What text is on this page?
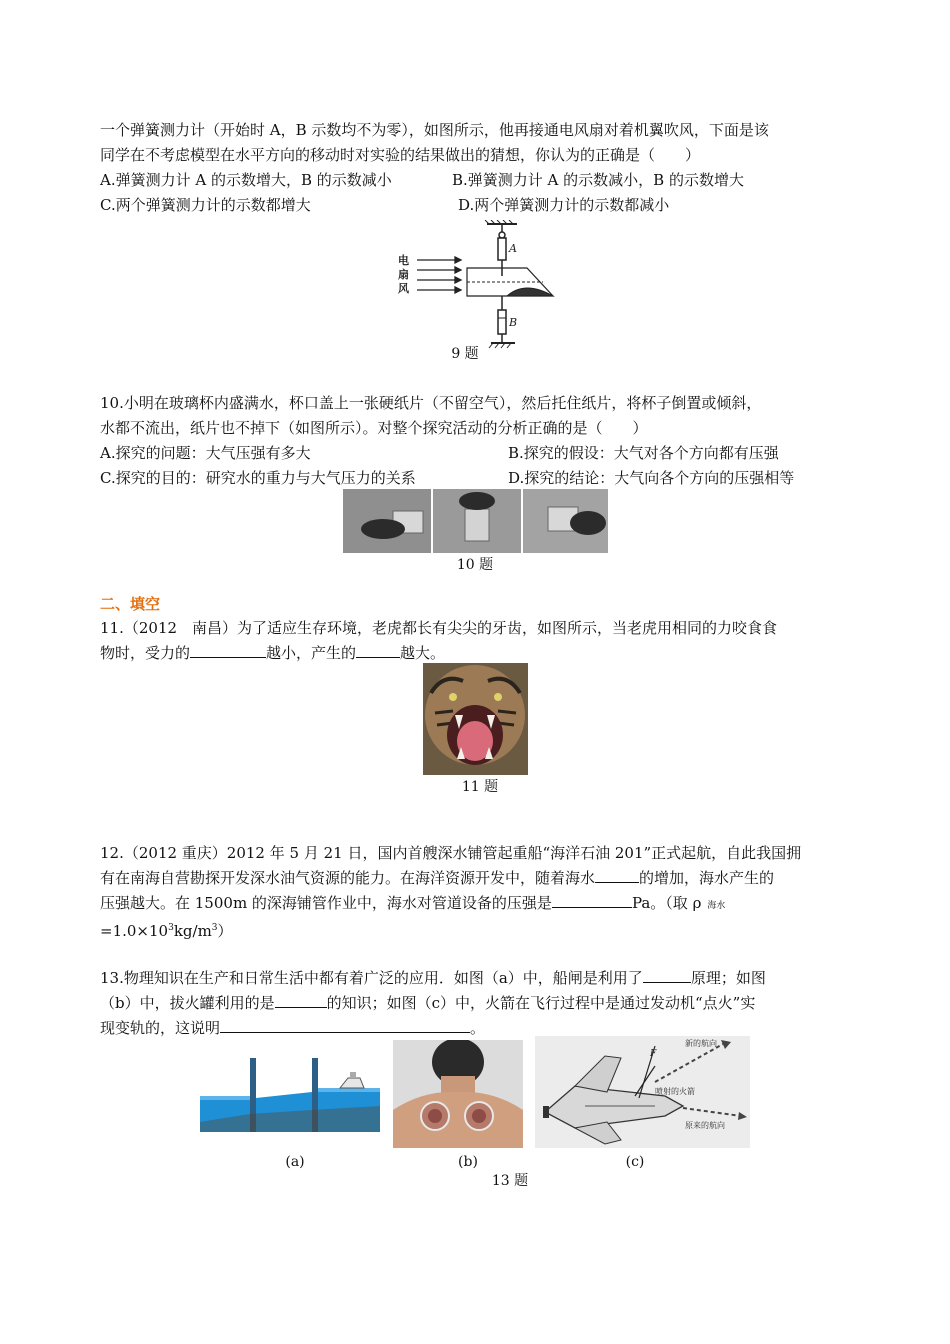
一个弹簧测力计（开始时 A，B 示数均不为零），如图所示，他再接通电风扇对着机翼吹风，下面是该
同学在不考虑模型在水平方向的移动时对实验的结果做出的猜想，你认为的正确是（　　）
A.弹簧测力计 A 的示数增大，B 的示数减小	B.弹簧测力计 A 的示数减小，B 的示数增大
C.两个弹簧测力计的示数都增大	D.两个弹簧测力计的示数都减小
A
B
电扇风
9 题
10.小明在玻璃杯内盛满水，杯口盖上一张硬纸片（不留空气），然后托住纸片，将杯子倒置或倾斜，
水都不流出，纸片也不掉下（如图所示）。对整个探究活动的分析正确的是（　　）
A.探究的问题：大气压强有多大	B.探究的假设：大气对各个方向都有压强
C.探究的目的：研究水的重力与大气压力的关系	D.探究的结论：大气向各个方向的压强相等
10 题
二、填空
11.（2012　南昌）为了适应生存环境，老虎都长有尖尖的牙齿，如图所示，当老虎用相同的力咬食食
物时，受力的	越小，产生的	越大。
11 题
12.（2012 重庆）2012 年 5 月 21 日，国内首艘深水铺管起重船“海洋石油 201”正式起航，自此我国拥
有在南海自营勘探开发深水油气资源的能力。在海洋资源开发中，随着海水	的增加，海水产生的
压强越大。在 1500m 的深海铺管作业中，海水对管道设备的压强是	Pa。（取 ρ 海水
$=1.0\times 10^3kg/m^3$）
13.物理知识在生产和日常生活中都有着广泛的应用．如图（a）中，船闸是利用了	原理；如图
（b）中，拔火罐利用的是	的知识；如图（c）中，火箭在飞行过程中是通过发动机“点火”实
现变轨的，这说明	。
(a)	(b)
F
新的航向
喷射的火箭
原来的航向
(c)
13 题
